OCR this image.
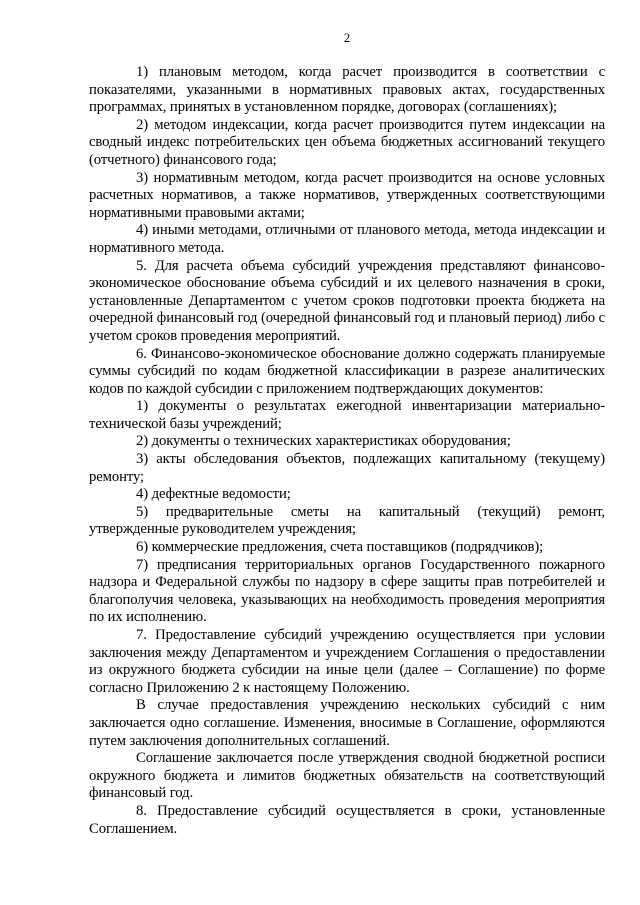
2

1) плановым методом, когда расчет производится в соответствии с показателями, указанными в нормативных правовых актах, государственных программах, принятых в установленном порядке, договорах (соглашениях);

2) методом индексации, когда расчет производится путем индексации на сводный индекс потребительских цен объема бюджетных ассигнований текущего (отчетного) финансового года;

3) нормативным методом, когда расчет производится на основе условных расчетных нормативов, а также нормативов, утвержденных соответствующими нормативными правовыми актами;

4) иными методами, отличными от планового метода, метода индексации и нормативного метода.

5. Для расчета объема субсидий учреждения представляют финансово-экономическое обоснование объема субсидий и их целевого назначения в сроки, установленные Департаментом с учетом сроков подготовки проекта бюджета на очередной финансовый год (очередной финансовый год и плановый период) либо с учетом сроков проведения мероприятий.

6. Финансово-экономическое обоснование должно содержать планируемые суммы субсидий по кодам бюджетной классификации в разрезе аналитических кодов по каждой субсидии с приложением подтверждающих документов:

1) документы о результатах ежегодной инвентаризации материально-технической базы учреждений;

2) документы о технических характеристиках оборудования;

3) акты обследования объектов, подлежащих капитальному (текущему) ремонту;

4) дефектные ведомости;

5) предварительные сметы на капитальный (текущий) ремонт, утвержденные руководителем учреждения;

6) коммерческие предложения, счета поставщиков (подрядчиков);

7) предписания территориальных органов Государственного пожарного надзора и Федеральной службы по надзору в сфере защиты прав потребителей и благополучия человека, указывающих на необходимость проведения мероприятия по их исполнению.

7. Предоставление субсидий учреждению осуществляется при условии заключения между Департаментом и учреждением Соглашения о предоставлении из окружного бюджета субсидии на иные цели (далее – Соглашение) по форме согласно Приложению 2 к настоящему Положению.

В случае предоставления учреждению нескольких субсидий с ним заключается одно соглашение. Изменения, вносимые в Соглашение, оформляются путем заключения дополнительных соглашений.

Соглашение заключается после утверждения сводной бюджетной росписи окружного бюджета и лимитов бюджетных обязательств на соответствующий финансовый год.

8. Предоставление субсидий осуществляется в сроки, установленные Соглашением.
